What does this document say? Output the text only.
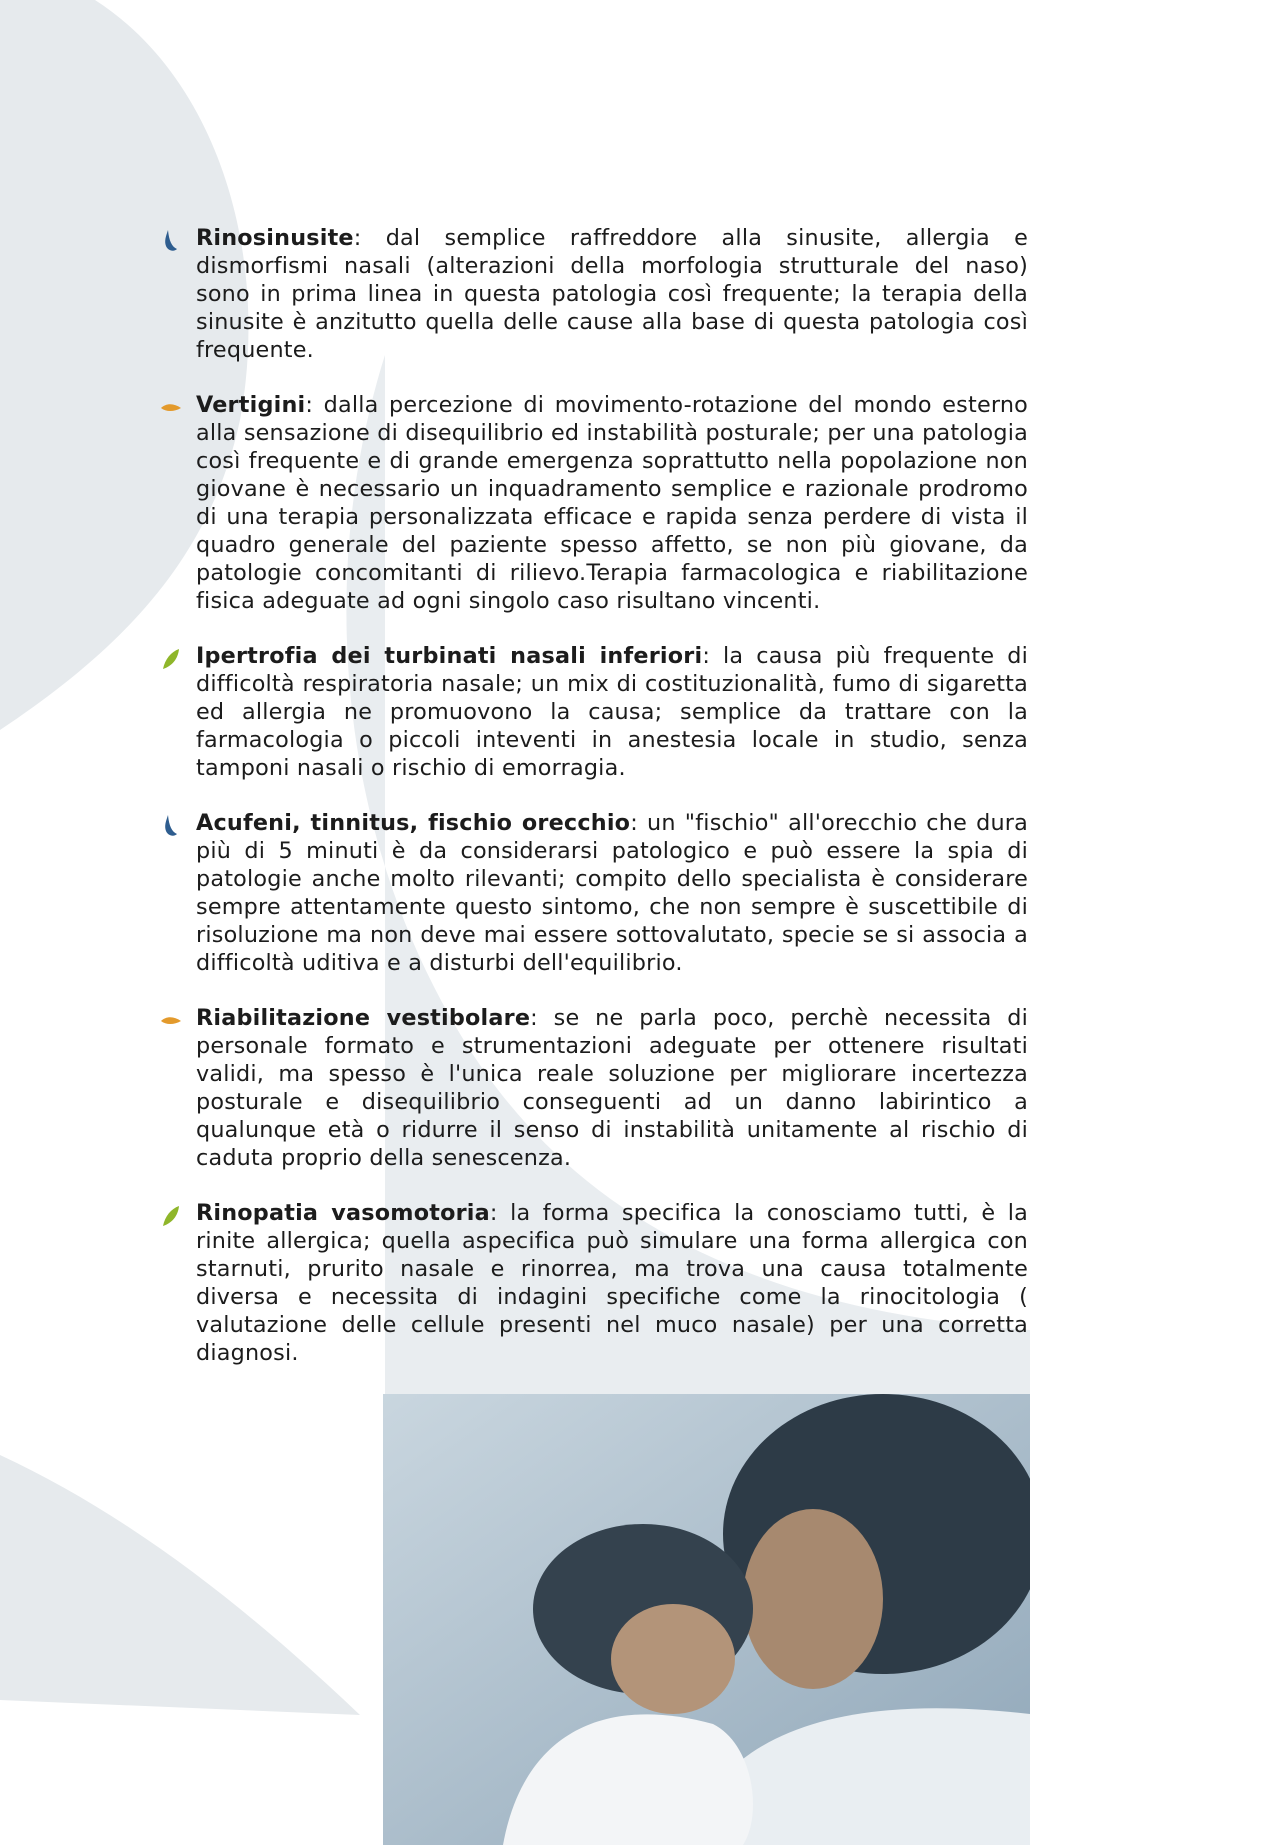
Rinosinusite: dal semplice raffreddore alla sinusite, allergia e dismorfismi nasali (alterazioni della morfologia strutturale del naso) sono in prima linea in questa patologia così frequente; la terapia della sinusite è anzitutto quella delle cause alla base di questa patologia così frequente.

Vertigini: dalla percezione di movimento-rotazione del mondo esterno alla sensazione di disequilibrio ed instabilità posturale; per una patologia così frequente e di grande emergenza soprattutto nella popolazione non giovane è necessario un inquadramento semplice e razionale prodromo di una terapia personalizzata efficace e rapida senza perdere di vista il quadro generale del paziente spesso affetto, se non più giovane, da patologie concomitanti di rilievo.Terapia farmacologica e riabilitazione fisica adeguate ad ogni singolo caso risultano vincenti.

Ipertrofia dei turbinati nasali inferiori: la causa più frequente di difficoltà respiratoria nasale; un mix di costituzionalità, fumo di sigaretta ed allergia ne promuovono la causa; semplice da trattare con la farmacologia o piccoli inteventi in anestesia locale in studio, senza tamponi nasali o rischio di emorragia.

Acufeni, tinnitus, fischio orecchio: un "fischio" all'orecchio che dura più di 5 minuti è da considerarsi patologico e può essere la spia di patologie anche molto rilevanti; compito dello specialista è considerare sempre attentamente questo sintomo, che non sempre è suscettibile di risoluzione ma non deve mai essere sottovalutato, specie se si associa a difficoltà uditiva e a disturbi dell'equilibrio.

Riabilitazione vestibolare: se ne parla poco, perchè necessita di personale formato e strumentazioni adeguate per ottenere risultati validi, ma spesso è l'unica reale soluzione per migliorare incertezza posturale e disequilibrio conseguenti ad un danno labirintico a qualunque età o ridurre il senso di instabilità unitamente al rischio di caduta proprio della senescenza.

Rinopatia vasomotoria: la forma specifica la conosciamo tutti, è la rinite allergica; quella aspecifica può simulare una forma allergica con starnuti, prurito nasale e rinorrea, ma trova una causa totalmente diversa e necessita di indagini specifiche come la rinocitologia ( valutazione delle cellule presenti nel muco nasale) per una corretta diagnosi.
